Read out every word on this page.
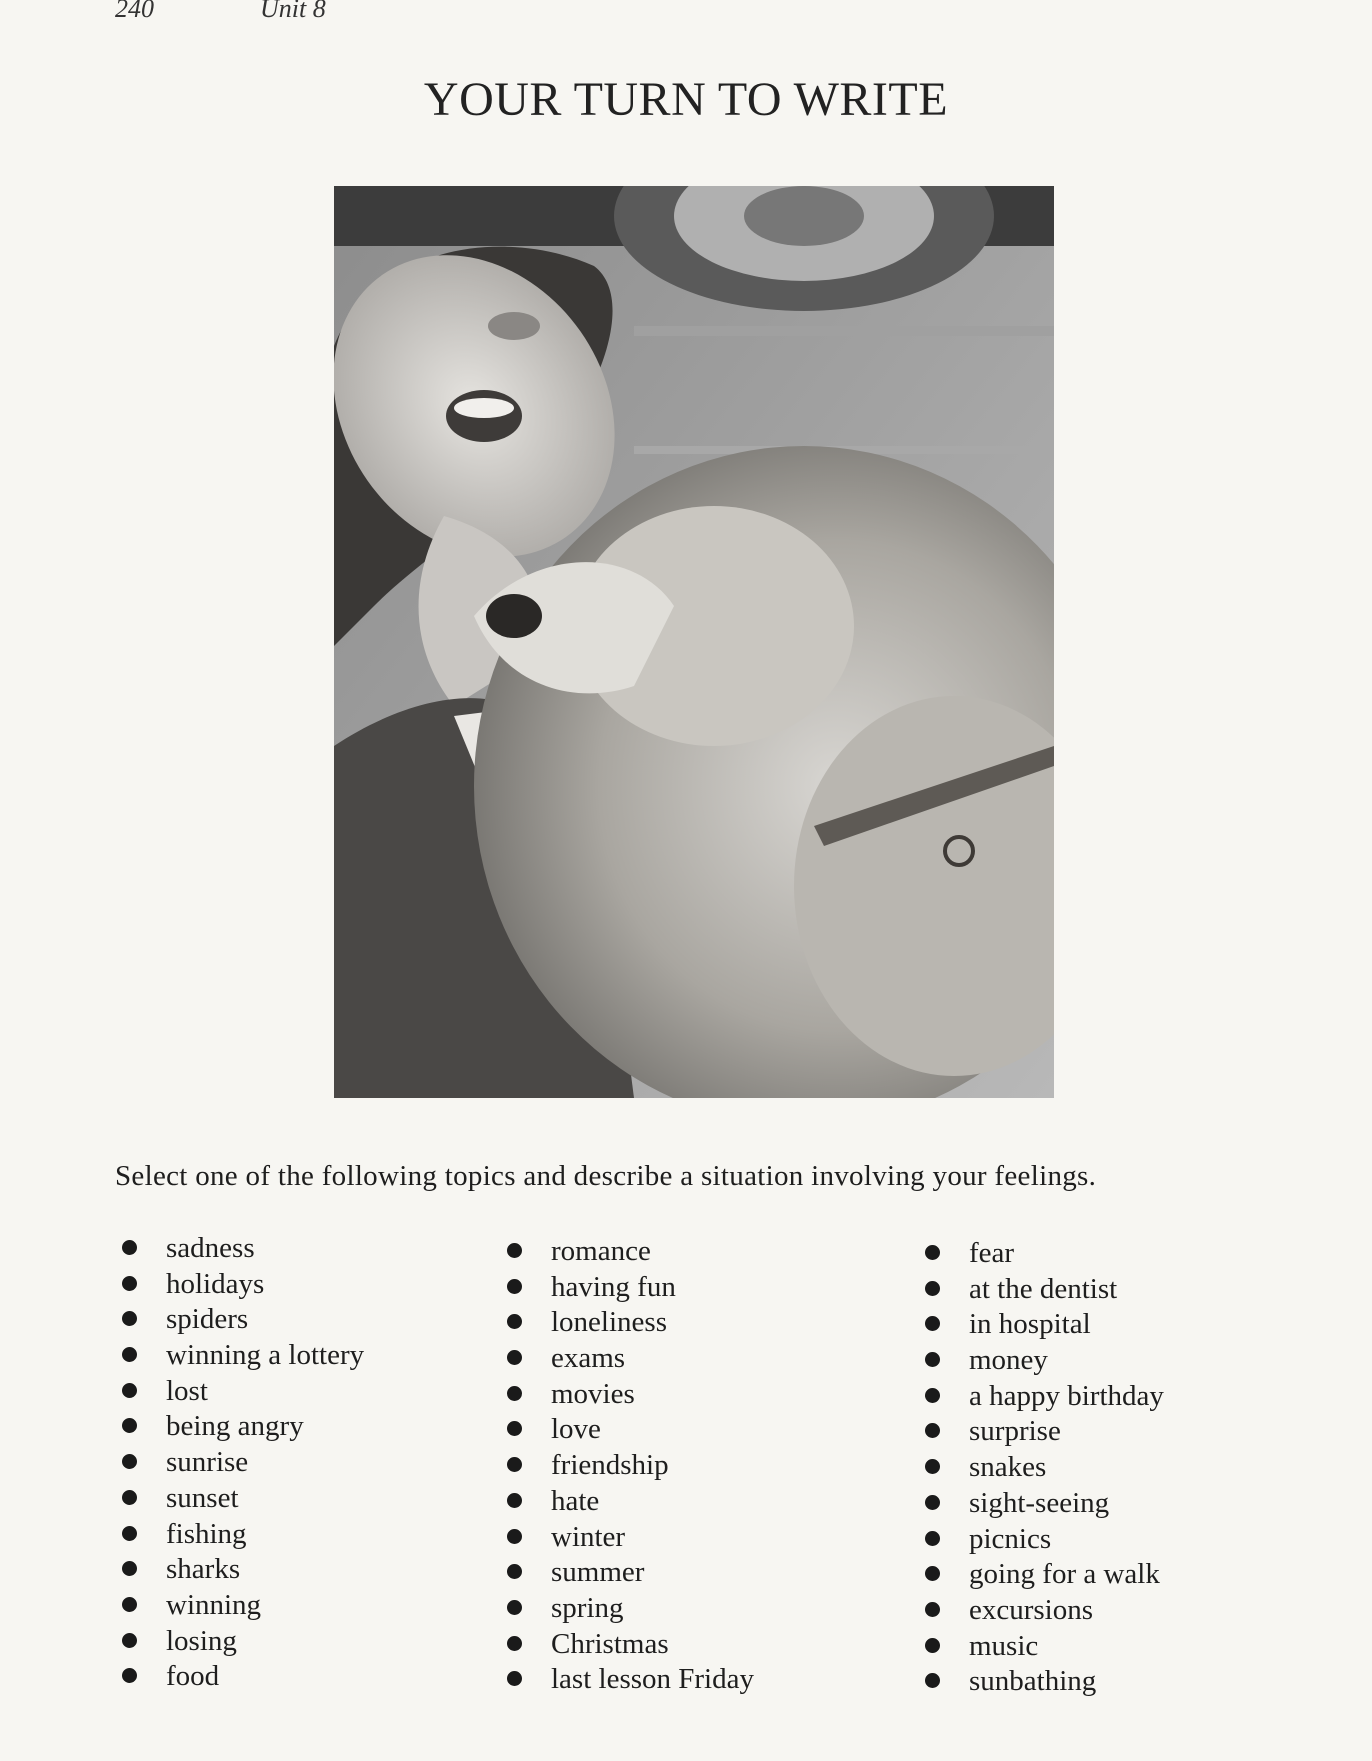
240	Unit 8
YOUR TURN TO WRITE
Select one of the following topics and describe a situation involving your feelings.
sadness
holidays
spiders
winning a lottery
lost
being angry
sunrise
sunset
fishing
sharks
winning
losing
food
romance
having fun
loneliness
exams
movies
love
friendship
hate
winter
summer
spring
Christmas
last lesson Friday
fear
at the dentist
in hospital
money
a happy birthday
surprise
snakes
sight-seeing
picnics
going for a walk
excursions
music
sunbathing
